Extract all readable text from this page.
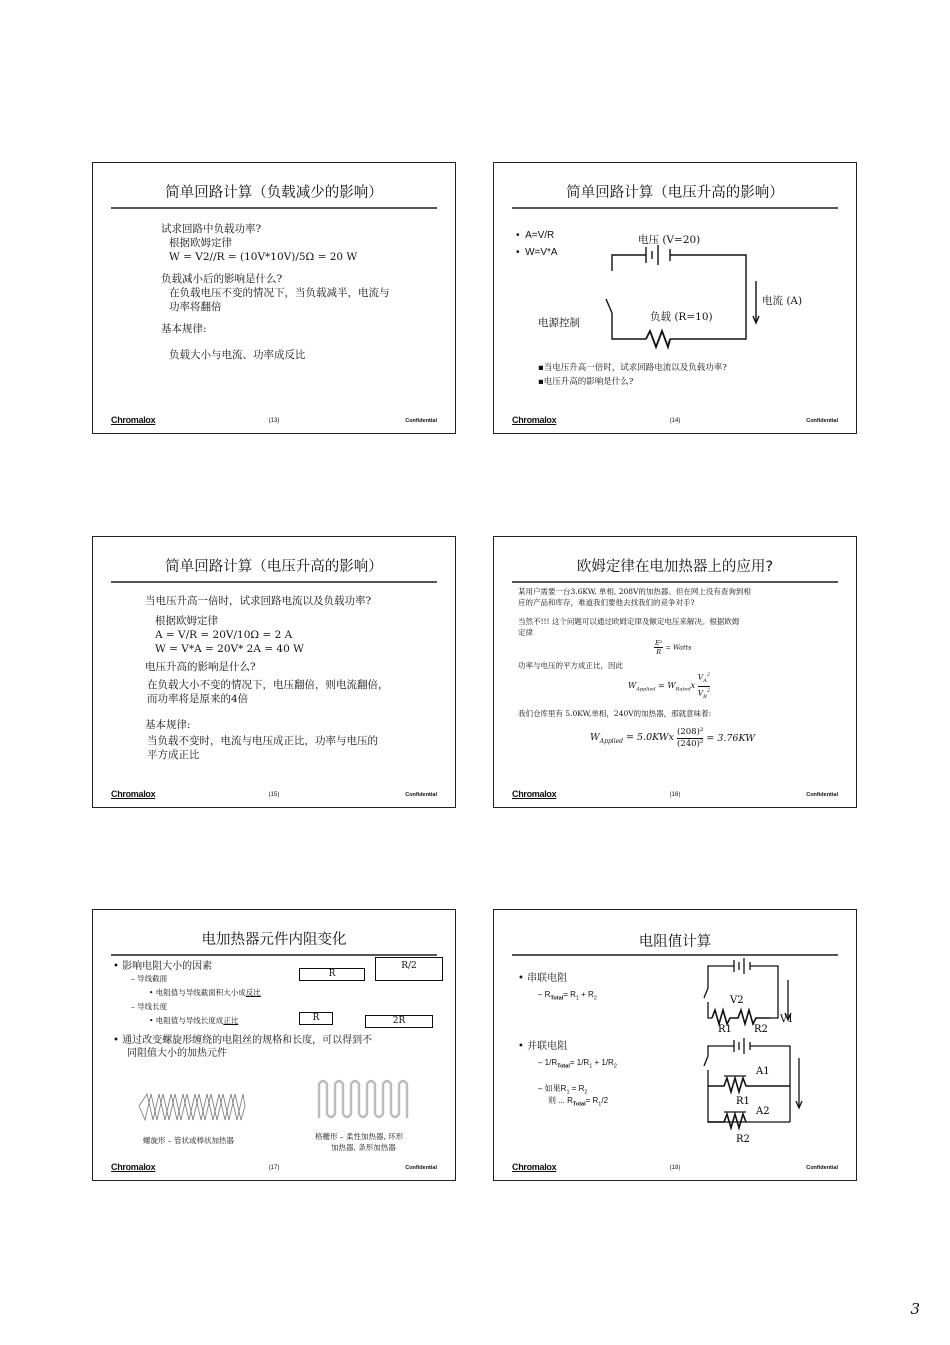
简单回路计算（负载减少的影响）
试求回路中负载功率?
根据欧姆定律
W = V2//R = (10V*10V)/5Ω = 20 W
负载减小后的影响是什么?
在负载电压不变的情况下，当负载减半，电流与
功率将翻倍
基本规律:
负载大小与电流、功率成反比
Chromalox	(13)	Confidential
简单回路计算（电压升高的影响）
•  A=V/R
•  W=V*A
电压 (V=20)
电流 (A)
负载 (R=10)
电源控制
▪当电压升高一倍时，试求回路电流以及负载功率?
▪电压升高的影响是什么?
Chromalox	(14)	Confidential
简单回路计算（电压升高的影响）
当电压升高一倍时，试求回路电流以及负载功率?
根据欧姆定律
A = V/R = 20V/10Ω = 2 A
W = V*A = 20V* 2A = 40 W
电压升高的影响是什么?
在负载大小不变的情况下，电压翻倍，则电流翻倍，
而功率将是原来的4倍
基本规律:
当负载不变时，电流与电压成正比，功率与电压的
平方成正比
Chromalox	(15)	Confidential
欧姆定律在电加热器上的应用?
某用户需要一台3.6KW, 单相, 208V的加热器。但在网上没有查询到相
应的产品和库存，难道我们要他去找我们的竞争对手?
当然不!!! 这个问题可以通过欧姆定律及额定电压来解决。根据欧姆
定律
$\frac{\text{E²}}{R}$ = Watts
功率与电压的平方成正比，因此
$W_{Applied} = W_{Rated}x \frac{V_A^2}{V_R^2}$
我们仓库里有 5.0KW,单相，240V的加热器，那就意味着:
$W_{Applied} = 5.0KWx \frac{\text{(208)²}}{\text{(240)²}} = 3.76KW$
Chromalox	(16)	Confidential
电加热器元件内阻变化
• 影响电阻大小的因素
– 导线截面
• 电阻值与导线截面积大小成反比
– 导线长度
• 电阻值与导线长度成正比
R
R/2
R	2R
• 通过改变螺旋形缠绕的电阻丝的规格和长度，可以得到不
同阻值大小的加热元件
螺旋形 – 管状或棒状加热器	格栅形 – 柔性加热器, 环形
加热器, 条形加热器
Chromalox	(17)	Confidential
电阻值计算
• 串联电阻
– $R_{Total}= R_1 + R_2$
• 并联电阻
– $1/R_{Total}= 1/R_1 + 1/R_2$
– 如果$R_1 = R_2$
则 ... $R_{Total}= R_1/2$
V2
V1
R1 R2
A1
R1
A2
R2
Chromalox	(18)	Confidential
3
